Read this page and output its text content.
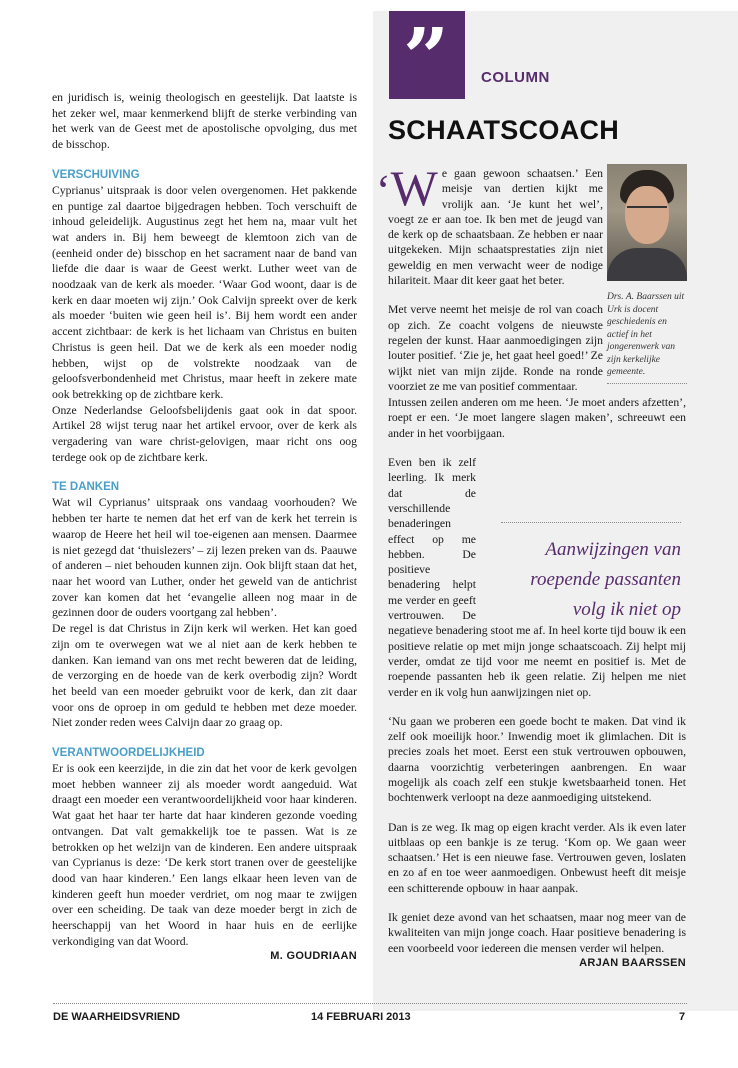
en juridisch is, weinig theologisch en geestelijk. Dat laatste is het zeker wel, maar kenmerkend blijft de sterke verbinding van het werk van de Geest met de apostolische opvolging, dus met de bisschop.

VERSCHUIVING

Cyprianus’ uitspraak is door velen overgenomen. Het pakkende en puntige zal daartoe bijgedragen hebben. Toch verschuift de inhoud geleidelijk. Augustinus zegt het hem na, maar vult het wat anders in. Bij hem beweegt de klemtoon zich van de (eenheid onder de) bisschop en het sacrament naar de band van liefde die daar is waar de Geest werkt. Luther weet van de noodzaak van de kerk als moeder. ‘Waar God woont, daar is de kerk en daar moeten wij zijn.’ Ook Calvijn spreekt over de kerk als moeder ‘buiten wie geen heil is’. Bij hem wordt een ander accent zichtbaar: de kerk is het lichaam van Christus en buiten Christus is geen heil. Dat we de kerk als een moeder nodig hebben, wijst op de volstrekte noodzaak van de geloofsverbondenheid met Christus, maar heeft in zekere mate ook betrekking op de zichtbare kerk.

Onze Nederlandse Geloofsbelijdenis gaat ook in dat spoor. Artikel 28 wijst terug naar het artikel ervoor, over de kerk als vergadering van ware christ-gelovigen, maar richt ons oog terdege ook op de zichtbare kerk.

TE DANKEN

Wat wil Cyprianus’ uitspraak ons vandaag voorhouden? We hebben ter harte te nemen dat het erf van de kerk het terrein is waarop de Heere het heil wil toe-eigenen aan mensen. Daarmee is niet gezegd dat ‘thuislezers’ – zij lezen preken van ds. Paauwe of anderen – niet behouden kunnen zijn. Ook blijft staan dat het, naar het woord van Luther, onder het geweld van de antichrist zover kan komen dat het ‘evangelie alleen nog maar in de gezinnen door de ouders voortgang zal hebben’.

De regel is dat Christus in Zijn kerk wil werken. Het kan goed zijn om te overwegen wat we al niet aan de kerk hebben te danken. Kan iemand van ons met recht beweren dat de leiding, de verzorging en de hoede van de kerk overbodig zijn? Wordt het beeld van een moeder gebruikt voor de kerk, dan zit daar voor ons de oproep in om geduld te hebben met deze moeder. Niet zonder reden wees Calvijn daar zo graag op.

VERANTWOORDELIJKHEID

Er is ook een keerzijde, in die zin dat het voor de kerk gevolgen moet hebben wanneer zij als moeder wordt aangeduid. Wat draagt een moeder een verantwoordelijkheid voor haar kinderen. Wat gaat het haar ter harte dat haar kinderen gezonde voeding ontvangen. Dat valt gemakkelijk toe te passen. Wat is ze betrokken op het welzijn van de kinderen. Een andere uitspraak van Cyprianus is deze: ‘De kerk stort tranen over de geestelijke dood van haar kinderen.’ Een langs elkaar heen leven van de kinderen geeft hun moeder verdriet, om nog maar te zwijgen over een scheiding. De taak van deze moeder bergt in zich de heerschappij van het Woord in haar huis en de eerlijke verkondiging van dat Woord.

M. GOUDRIAAN
” COLUMN
SCHAATSCOACH
Drs. A. Baarssen uit Urk is docent geschiedenis en actief in het jongerenwerk van zijn kerkelijke gemeente.

‘W e gaan gewoon schaatsen.’ Een meisje van dertien kijkt me vrolijk aan. ‘Je kunt het wel’, voegt ze er aan toe. Ik ben met de jeugd van de kerk op de schaatsbaan. Ze hebben er naar uitgekeken. Mijn schaatsprestaties zijn niet geweldig en men verwacht weer de nodige hilariteit. Maar dit keer gaat het beter.

Met verve neemt het meisje de rol van coach op zich. Ze coacht volgens de nieuwste regelen der kunst. Haar aanmoedigingen zijn louter positief. ‘Zie je, het gaat heel goed!’ Ze wijkt niet van mijn zijde. Ronde na ronde voorziet ze me van positief commentaar.

Intussen zeilen anderen om me heen. ‘Je moet anders afzetten’, roept er een. ‘Je moet langere slagen maken’, schreeuwt een ander in het voorbijgaan.

Even ben ik zelf leerling. Ik merk dat de verschillende benaderingen effect op me hebben. De positieve benadering helpt me verder en geeft vertrouwen. De negatieve benadering stoot me af. In heel korte tijd bouw ik een positieve relatie op met mijn jonge schaatscoach. Zij helpt mij verder, omdat ze tijd voor me neemt en positief is. Met de roepende passanten heb ik geen relatie. Zij helpen me niet verder en ik volg hun aanwijzingen niet op.

‘Nu gaan we proberen een goede bocht te maken. Dat vind ik zelf ook moeilijk hoor.’ Inwendig moet ik glimlachen. Dit is precies zoals het moet. Eerst een stuk vertrouwen opbouwen, daarna voorzichtig verbeteringen aanbrengen. En waar mogelijk als coach zelf een stukje kwetsbaarheid tonen. Het bochtenwerk verloopt na deze aanmoediging uitstekend.

Dan is ze weg. Ik mag op eigen kracht verder. Als ik even later uitblaas op een bankje is ze terug. ‘Kom op. We gaan weer schaatsen.’ Het is een nieuwe fase. Vertrouwen geven, loslaten en zo af en toe weer aanmoedigen. Onbewust heeft dit meisje een schitterende opbouw in haar aanpak.

Ik geniet deze avond van het schaatsen, maar nog meer van de kwaliteiten van mijn jonge coach. Haar positieve benadering is een voorbeeld voor iedereen die mensen verder wil helpen.

ARJAN BAARSSEN

Aanwijzingen van roepende passanten volg ik niet op

DE WAARHEIDSVRIEND	14 FEBRUARI 2013	7
